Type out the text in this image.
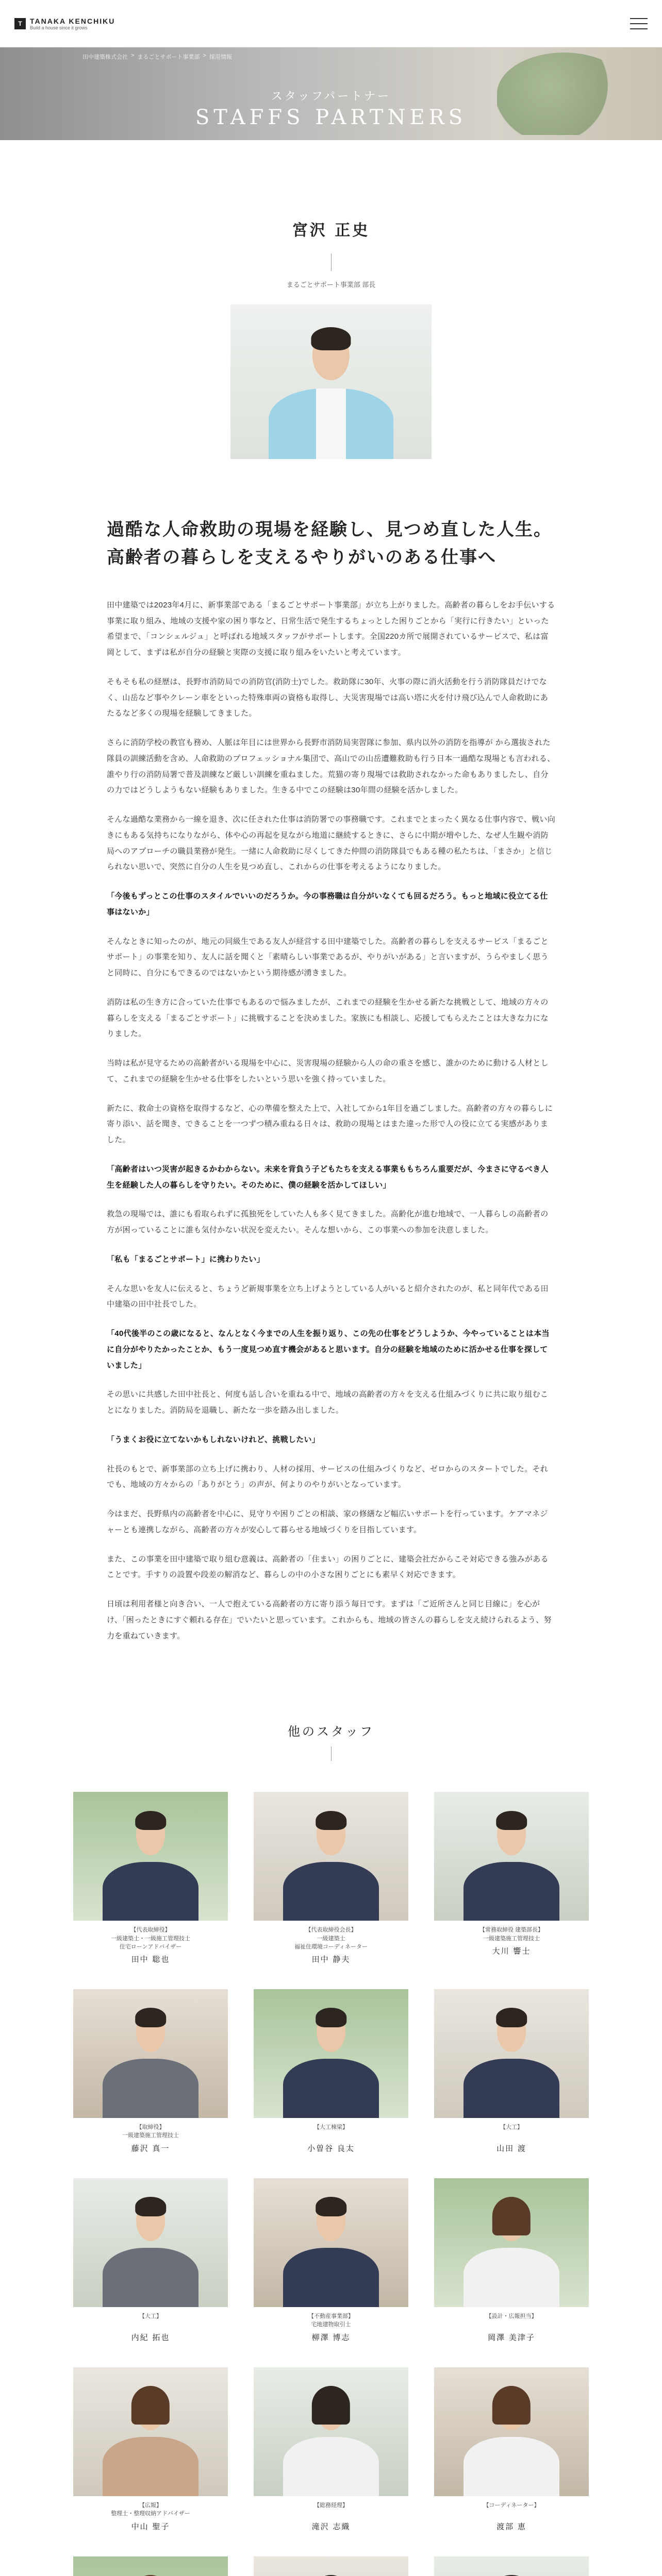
T	TANAKA KENCHIKU
Build a house since it grows
田中建築株式会社 > まるごとサポート事業部 > 採用情報
スタッフパートナー
STAFFS PARTNERS
宮沢 正史
まるごとサポート事業部 部長
過酷な人命救助の現場を経験し、見つめ直した人生。高齢者の暮らしを支えるやりがいのある仕事へ

田中建築では2023年4月に、新事業部である「まるごとサポート事業部」が立ち上がりました。高齢者の暮らしをお手伝いする事業に取り組み、地域の支援や家の困り事など、日常生活で発生するちょっとした困りごとから「実行に行きたい」といった希望まで、「コンシェルジュ」と呼ばれる地域スタッフがサポートします。全国220カ所で展開されているサービスで、私は富岡として、まずは私が自分の経験と実際の支援に取り組みをいたいと考えています。

そもそも私の経歴は、長野市消防局での消防官(消防士)でした。救助隊に30年、火事の際に消火活動を行う消防隊員だけでなく、山岳など事やクレーン車をといった特殊車両の資格も取得し、大災害現場では高い塔に火を付け飛び込んで人命救助にあたるなど多くの現場を経験してきました。

さらに消防学校の教官も務め、人脈は年目には世界から長野市消防局実習隊に参加、県内以外の消防を指導が から選抜された隊員の訓練活動を含め、人命救助のプロフェッショナル集団で、高山での山岳遭難救助も行う日本一過酷な現場とも言われる、誰やり行の消防局署で普及訓練など厳しい訓練を重ねました。荒猫の寄り現場では救助されなかった命もありましたし、自分の力ではどうしようもない経験もありました。生きる中でこの経験は30年間の経験を活かしました。

そんな過酷な業務から一線を退き、次に任された仕事は消防署での事務職です。これまでとまったく異なる仕事内容で、戦い向きにもある気持ちになりながら、体や心の再起を見ながら地道に継続するときに、さらに中期が増やした、なぜ人生観や消防局へのアプローチの職員業務が発生。一緒に人命救助に尽くしてきた仲間の消防隊員でもある種の私たちは、「まさか」と信じられない思いで、突然に自分の人生を見つめ直し、これからの仕事を考えるようになりました。

「今後もずっとこの仕事のスタイルでいいのだろうか。今の事務職は自分がいなくても回るだろう。もっと地域に役立てる仕事はないか」

そんなときに知ったのが、地元の同級生である友人が経営する田中建築でした。高齢者の暮らしを支えるサービス「まるごとサポート」の事業を知り、友人に話を聞くと「素晴らしい事業であるが、やりがいがある」と言いますが、うらやましく思うと同時に、自分にもできるのではないかという期待感が湧きました。

消防は私の生き方に合っていた仕事でもあるので悩みましたが、これまでの経験を生かせる新たな挑戦として、地域の方々の暮らしを支える「まるごとサポート」に挑戦することを決めました。家族にも相談し、応援してもらえたことは大きな力になりました。

当時は私が見守るための高齢者がいる現場を中心に、災害現場の経験から人の命の重さを感じ、誰かのために動ける人材として、これまでの経験を生かせる仕事をしたいという思いを強く持っていました。

新たに、救命士の資格を取得するなど、心の準備を整えた上で、入社してから1年目を過ごしました。高齢者の方々の暮らしに寄り添い、話を聞き、できることを一つずつ積み重ねる日々は、救助の現場とはまた違った形で人の役に立てる実感がありました。

「高齢者はいつ災害が起きるかわからない。未来を背負う子どもたちを支える事業ももちろん重要だが、今まさに守るべき人生を経験した人の暮らしを守りたい。そのために、僕の経験を活かしてほしい」

救急の現場では、誰にも看取られずに孤独死をしていた人も多く見てきました。高齢化が進む地域で、一人暮らしの高齢者の方が困っていることに誰も気付かない状況を変えたい。そんな想いから、この事業への参加を決意しました。

「私も「まるごとサポート」に携わりたい」

そんな思いを友人に伝えると、ちょうど新規事業を立ち上げようとしている人がいると紹介されたのが、私と同年代である田中建築の田中社長でした。

「40代後半のこの歳になると、なんとなく今までの人生を振り返り、この先の仕事をどうしようか、今やっていることは本当に自分がやりたかったことか、もう一度見つめ直す機会があると思います。自分の経験を地域のために活かせる仕事を探していました」

その思いに共感した田中社長と、何度も話し合いを重ねる中で、地域の高齢者の方々を支える仕組みづくりに共に取り組むことになりました。消防局を退職し、新たな一歩を踏み出しました。

「うまくお役に立てないかもしれないけれど、挑戦したい」

社長のもとで、新事業部の立ち上げに携わり、人材の採用、サービスの仕組みづくりなど、ゼロからのスタートでした。それでも、地域の方々からの「ありがとう」の声が、何よりのやりがいとなっています。

今はまだ、長野県内の高齢者を中心に、見守りや困りごとの相談、家の修繕など幅広いサポートを行っています。ケアマネジャーとも連携しながら、高齢者の方々が安心して暮らせる地域づくりを目指しています。

また、この事業を田中建築で取り組む意義は、高齢者の「住まい」の困りごとに、建築会社だからこそ対応できる強みがあることです。手すりの設置や段差の解消など、暮らしの中の小さな困りごとにも素早く対応できます。

日頃は利用者様と向き合い、一人で抱えている高齢者の方に寄り添う毎日です。まずは「ご近所さんと同じ目線に」を心がけ、「困ったときにすぐ頼れる存在」でいたいと思っています。これからも、地域の皆さんの暮らしを支え続けられるよう、努力を重ねていきます。

他のスタッフ
【代表取締役】
一級建築士・一級施工管理技士
住宅ローンアドバイザー
田中 聡也
【代表取締役会長】
一級建築士
福祉住環境コーディネーター
田中 静夫
【常務取締役 建築部長】
一級建築施工管理技士
大川 響士
【取締役】
一級建築施工管理技士
藤沢 真一
【大工棟梁】
小曽谷 良太
【大工】
山田 渡
【大工】
内紀 拓也
【不動産事業部】
宅地建物取引士
柳澤 博志
【設計・広報担当】
岡澤 美津子
【広報】
整理士・整理収納アドバイザー
中山 聖子
【総務経理】
滝沢 志織
【コーディネーター】
渡部 恵
